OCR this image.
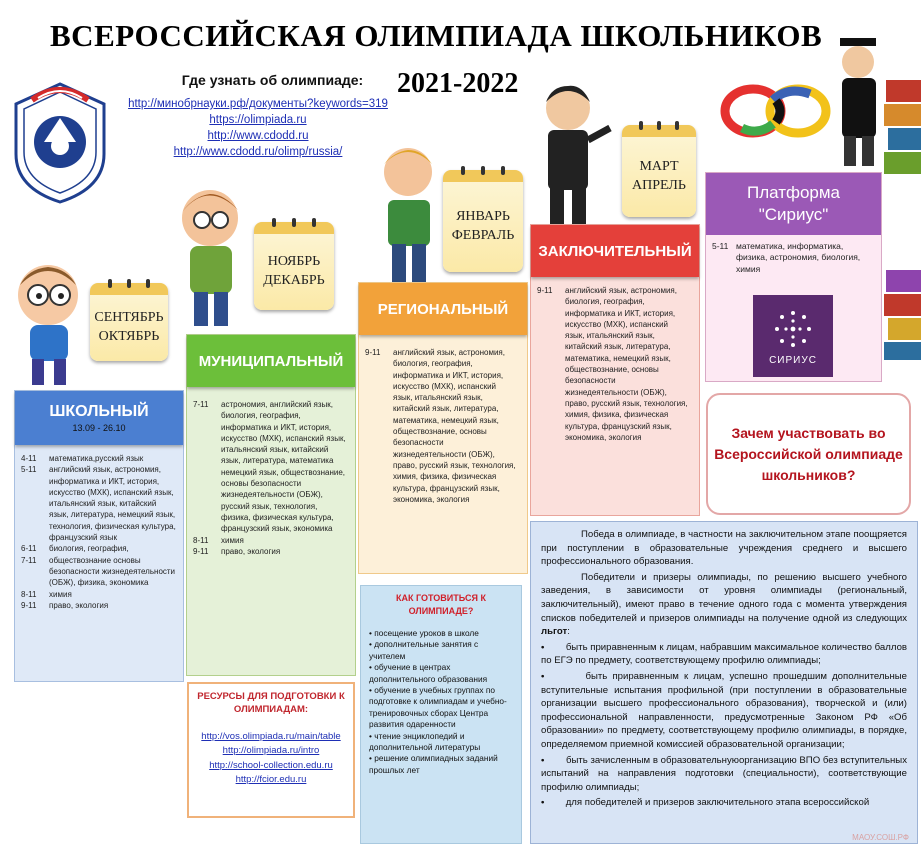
ВСЕРОССИЙСКАЯ ОЛИМПИАДА ШКОЛЬНИКОВ
2021-2022
Где узнать об олимпиаде:
http://минобрнауки.рф/документы?keywords=319
https://olimpiada.ru
http://www.cdodd.ru
http://www.cdodd.ru/olimp/russia/
СЕНТЯБРЬ
ОКТЯБРЬ
НОЯБРЬ
ДЕКАБРЬ
ЯНВАРЬ
ФЕВРАЛЬ
МАРТ
АПРЕЛЬ
ШКОЛЬНЫЙ
13.09 - 26.10
4-11	математика,русский язык
5-11	английский язык, астрономия, информатика и ИКТ, история, искусство (МХК), испанский язык, итальянский язык, китайский язык, литература, немецкий язык, технология, физическая культура, французский язык
6-11	биология, география,
7-11	обществознание основы безопасности жизнедеятельности (ОБЖ), физика, экономика
8-11	химия
9-11	право, экология
МУНИЦИПАЛЬНЫЙ
7-11	астрономия, английский язык, биология, география, информатика и ИКТ, история, искусство (МХК), испанский язык, итальянский язык, китайский язык, литература, математика немецкий язык, обществознание, основы безопасности жизнедеятельности (ОБЖ), русский язык, технология, физика, физическая культура, французский язык, экономика
8-11	химия
9-11	право, экология
РЕГИОНАЛЬНЫЙ
9-11	английский язык, астрономия, биология, география, информатика и ИКТ, история, искусство (МХК), испанский язык, итальянский язык, китайский язык, литература, математика, немецкий язык, обществознание, основы безопасности жизнедеятельности (ОБЖ), право, русский язык, технология, химия, физика, физическая культура, французский язык, экономика, экология
ЗАКЛЮЧИТЕЛЬНЫЙ
9-11	английский язык, астрономия, биология, география, информатика и ИКТ, история, искусство (МХК), испанский язык, итальянский язык, китайский язык, литература, математика, немецкий язык, обществознание, основы безопасности жизнедеятельности (ОБЖ), право, русский язык, технология, химия, физика, физическая культура, французский язык, экономика, экология
Платформа
"Сириус"
5-11 математика, информатика, физика, астрономия, биология, химия
СИРИУС
Зачем участвовать во Всероссийской олимпиаде школьников?

Победа в олимпиаде, в частности на заключительном этапе поощряется при поступлении в образовательные учреждения среднего и высшего профессионального образования.

Победители и призеры олимпиады, по решению высшего учебного заведения, в зависимости от уровня олимпиады (региональный, заключительный), имеют право в течение одного года с момента утверждения списков победителей и призеров олимпиады на получение одной из следующих льгот:

• быть приравненным к лицам, набравшим максимальное количество баллов по ЕГЭ по предмету, соответствующему профилю олимпиады;

•	быть приравненным к лицам, успешно прошедшим дополнительные вступительные испытания профильной (при поступлении в образовательные организации высшего профессионального образования), творческой и (или) профессиональной направленности, предусмотренные Законом РФ «Об образовании» по предмету, соответствующему профилю олимпиады, в порядке, определяемом приемной комиссией образовательной организации;

• быть зачисленным в образовательнуюорганизацию ВПО без вступительных испытаний на направления подготовки (специальности), соответствующие профилю олимпиады;

• для победителей и призеров заключительного этапа всероссийской

КАК ГОТОВИТЬСЯ К ОЛИМПИАДЕ?
• посещение уроков в школе
• дополнительные занятия с учителем
• обучение в центрах дополнительного образования
• обучение в учебных группах по подготовке к олимпиадам и учебно-тренировочных сборах Центра развития одаренности
• чтение энциклопедий и дополнительной литературы
• решение олимпиадных заданий прошлых лет
РЕСУРСЫ ДЛЯ ПОДГОТОВКИ К ОЛИМПИАДАМ:
http://vos.olimpiada.ru/main/table
http://olimpiada.ru/intro
http://school-collection.edu.ru
http://fcior.edu.ru
МАОУ.СОШ.РФ
